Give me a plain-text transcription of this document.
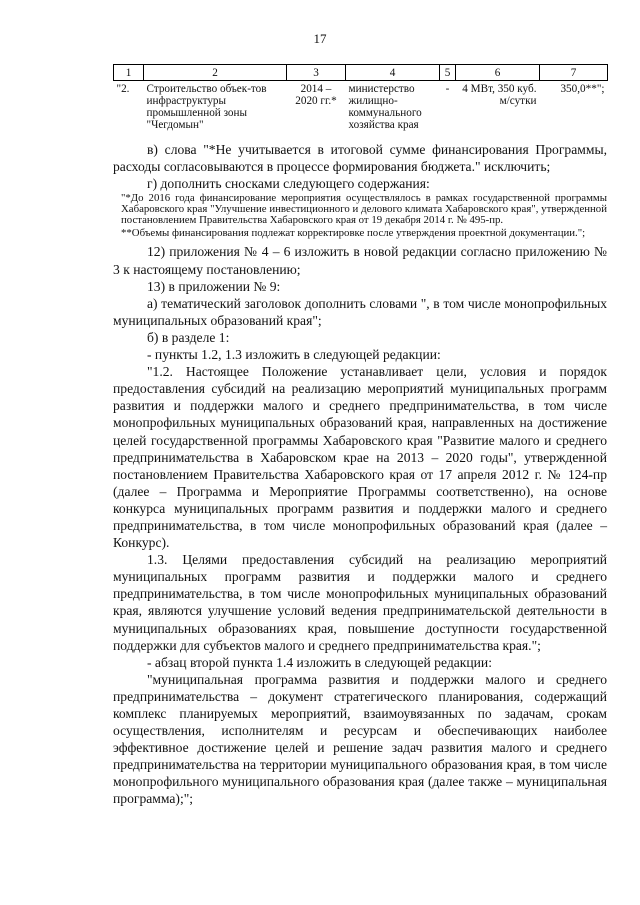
17
1	2	3	4	5	6	7
"2.	Строительство объек-тов инфраструктуры промышленной зоны "Чегдомын"	2014 – 2020 гг.*	министерство жилищно-коммунального хозяйства края	-	4 МВт, 350 куб. м/сутки	350,0**";

в) слова "*Не учитывается в итоговой сумме финансирования Программы, расходы согласовываются в процессе формирования бюджета." исключить;

г) дополнить сносками следующего содержания:

"*До 2016 года финансирование мероприятия осуществлялось в рамках государственной программы Хабаровского края "Улучшение инвестиционного и делового климата Хабаровского края", утвержденной постановлением Правительства Хабаровского края от 19 декабря 2014 г. № 495-пр.

**Объемы финансирования подлежат корректировке после утверждения проектной документации.";

12) приложения № 4 – 6 изложить в новой редакции согласно приложению № 3 к настоящему постановлению;

13) в приложении № 9:

а) тематический заголовок дополнить словами ", в том числе монопрофильных муниципальных образований края";

б) в разделе 1:

- пункты 1.2, 1.3 изложить в следующей редакции:

"1.2. Настоящее Положение устанавливает цели, условия и порядок предоставления субсидий на реализацию мероприятий муниципальных программ развития и поддержки малого и среднего предпринимательства, в том числе монопрофильных муниципальных образований края, направленных на достижение целей государственной программы Хабаровского края "Развитие малого и среднего предпринимательства в Хабаровском крае на 2013 – 2020 годы", утвержденной постановлением Правительства Хабаровского края от 17 апреля 2012 г. № 124-пр (далее – Программа и Мероприятие Программы соответственно), на основе конкурса муниципальных программ развития и поддержки малого и среднего предпринимательства, в том числе монопрофильных образований края (далее – Конкурс).

1.3. Целями предоставления субсидий на реализацию мероприятий муниципальных программ развития и поддержки малого и среднего предпринимательства, в том числе монопрофильных муниципальных образований края, являются улучшение условий ведения предпринимательской деятельности в муниципальных образованиях края, повышение доступности государственной поддержки для субъектов малого и среднего предпринимательства края.";

- абзац второй пункта 1.4 изложить в следующей редакции:

"муниципальная программа развития и поддержки малого и среднего предпринимательства – документ стратегического планирования, содержащий комплекс планируемых мероприятий, взаимоувязанных по задачам, срокам осуществления, исполнителям и ресурсам и обеспечивающих наиболее эффективное достижение целей и решение задач развития малого и среднего предпринимательства на территории муниципального образования края, в том числе монопрофильного муниципального образования края (далее также – муниципальная программа);";
